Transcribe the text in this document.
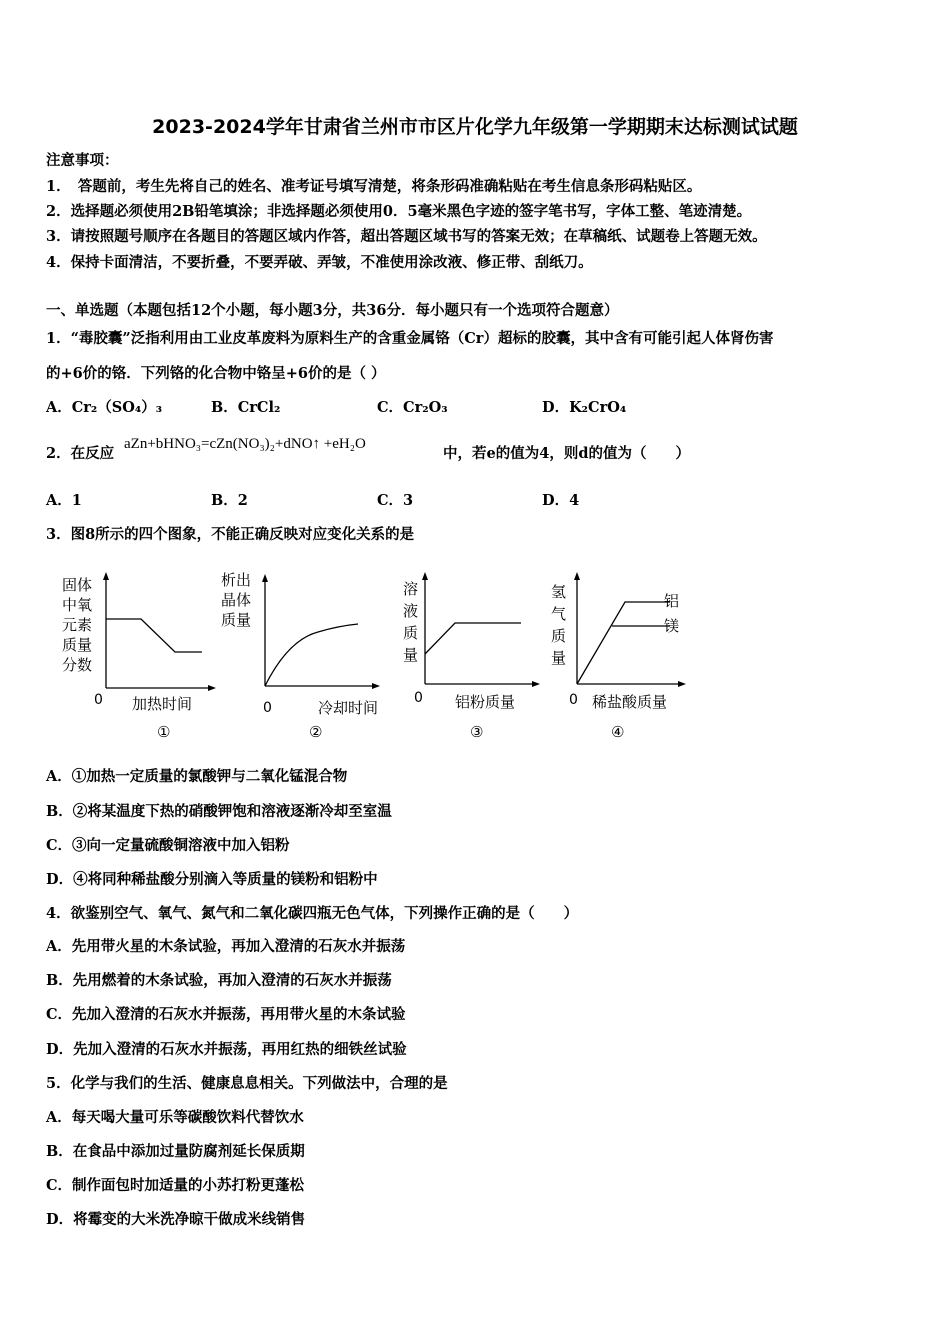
2023-2024学年甘肃省兰州市市区片化学九年级第一学期期末达标测试试题
注意事项：
1．　答题前，考生先将自己的姓名、准考证号填写清楚，将条形码准确粘贴在考生信息条形码粘贴区。
2．选择题必须使用2B铅笔填涂；非选择题必须使用0．5毫米黑色字迹的签字笔书写，字体工整、笔迹清楚。
3．请按照题号顺序在各题目的答题区域内作答，超出答题区域书写的答案无效；在草稿纸、试题卷上答题无效。
4．保持卡面清洁，不要折叠，不要弄破、弄皱，不准使用涂改液、修正带、刮纸刀。
一、单选题（本题包括12个小题，每小题3分，共36分．每小题只有一个选项符合题意）
1．“毒胶囊”泛指利用由工业皮革废料为原料生产的含重金属铬（Cr）超标的胶囊，其中含有可能引起人体肾伤害
的+6价的铬．下列铬的化合物中铬呈+6价的是（ ）
A．Cr₂（SO₄）₃	B．CrCl₂	C．Cr₂O₃	D．K₂CrO₄
2．在反应
aZn+bHNO₃=cZn(NO₃)₂+dNO↑ +eH₂O
中，若e的值为4，则d的值为（　　）
A．1	B．2	C．3	D．4
3．图8所示的四个图象，不能正确反映对应变化关系的是
固体
中氧
元素
质量
分数
0 加热时间
①
析出
晶体
质量
0	冷却时间
②
溶
液
质
量
0 铝粉质量
③
氢
气
质
量
铝
镁
0 稀盐酸质量
④
A．①加热一定质量的氯酸钾与二氧化锰混合物
B．②将某温度下热的硝酸钾饱和溶液逐渐冷却至室温
C．③向一定量硫酸铜溶液中加入铝粉
D．④将同种稀盐酸分别滴入等质量的镁粉和铝粉中
4．欲鉴别空气、氧气、氮气和二氧化碳四瓶无色气体，下列操作正确的是（　　）
A．先用带火星的木条试验，再加入澄清的石灰水并振荡
B．先用燃着的木条试验，再加入澄清的石灰水并振荡
C．先加入澄清的石灰水并振荡，再用带火星的木条试验
D．先加入澄清的石灰水并振荡，再用红热的细铁丝试验
5．化学与我们的生活、健康息息相关。下列做法中，合理的是
A．每天喝大量可乐等碳酸饮料代替饮水
B．在食品中添加过量防腐剂延长保质期
C．制作面包时加适量的小苏打粉更蓬松
D．将霉变的大米洗净晾干做成米线销售
